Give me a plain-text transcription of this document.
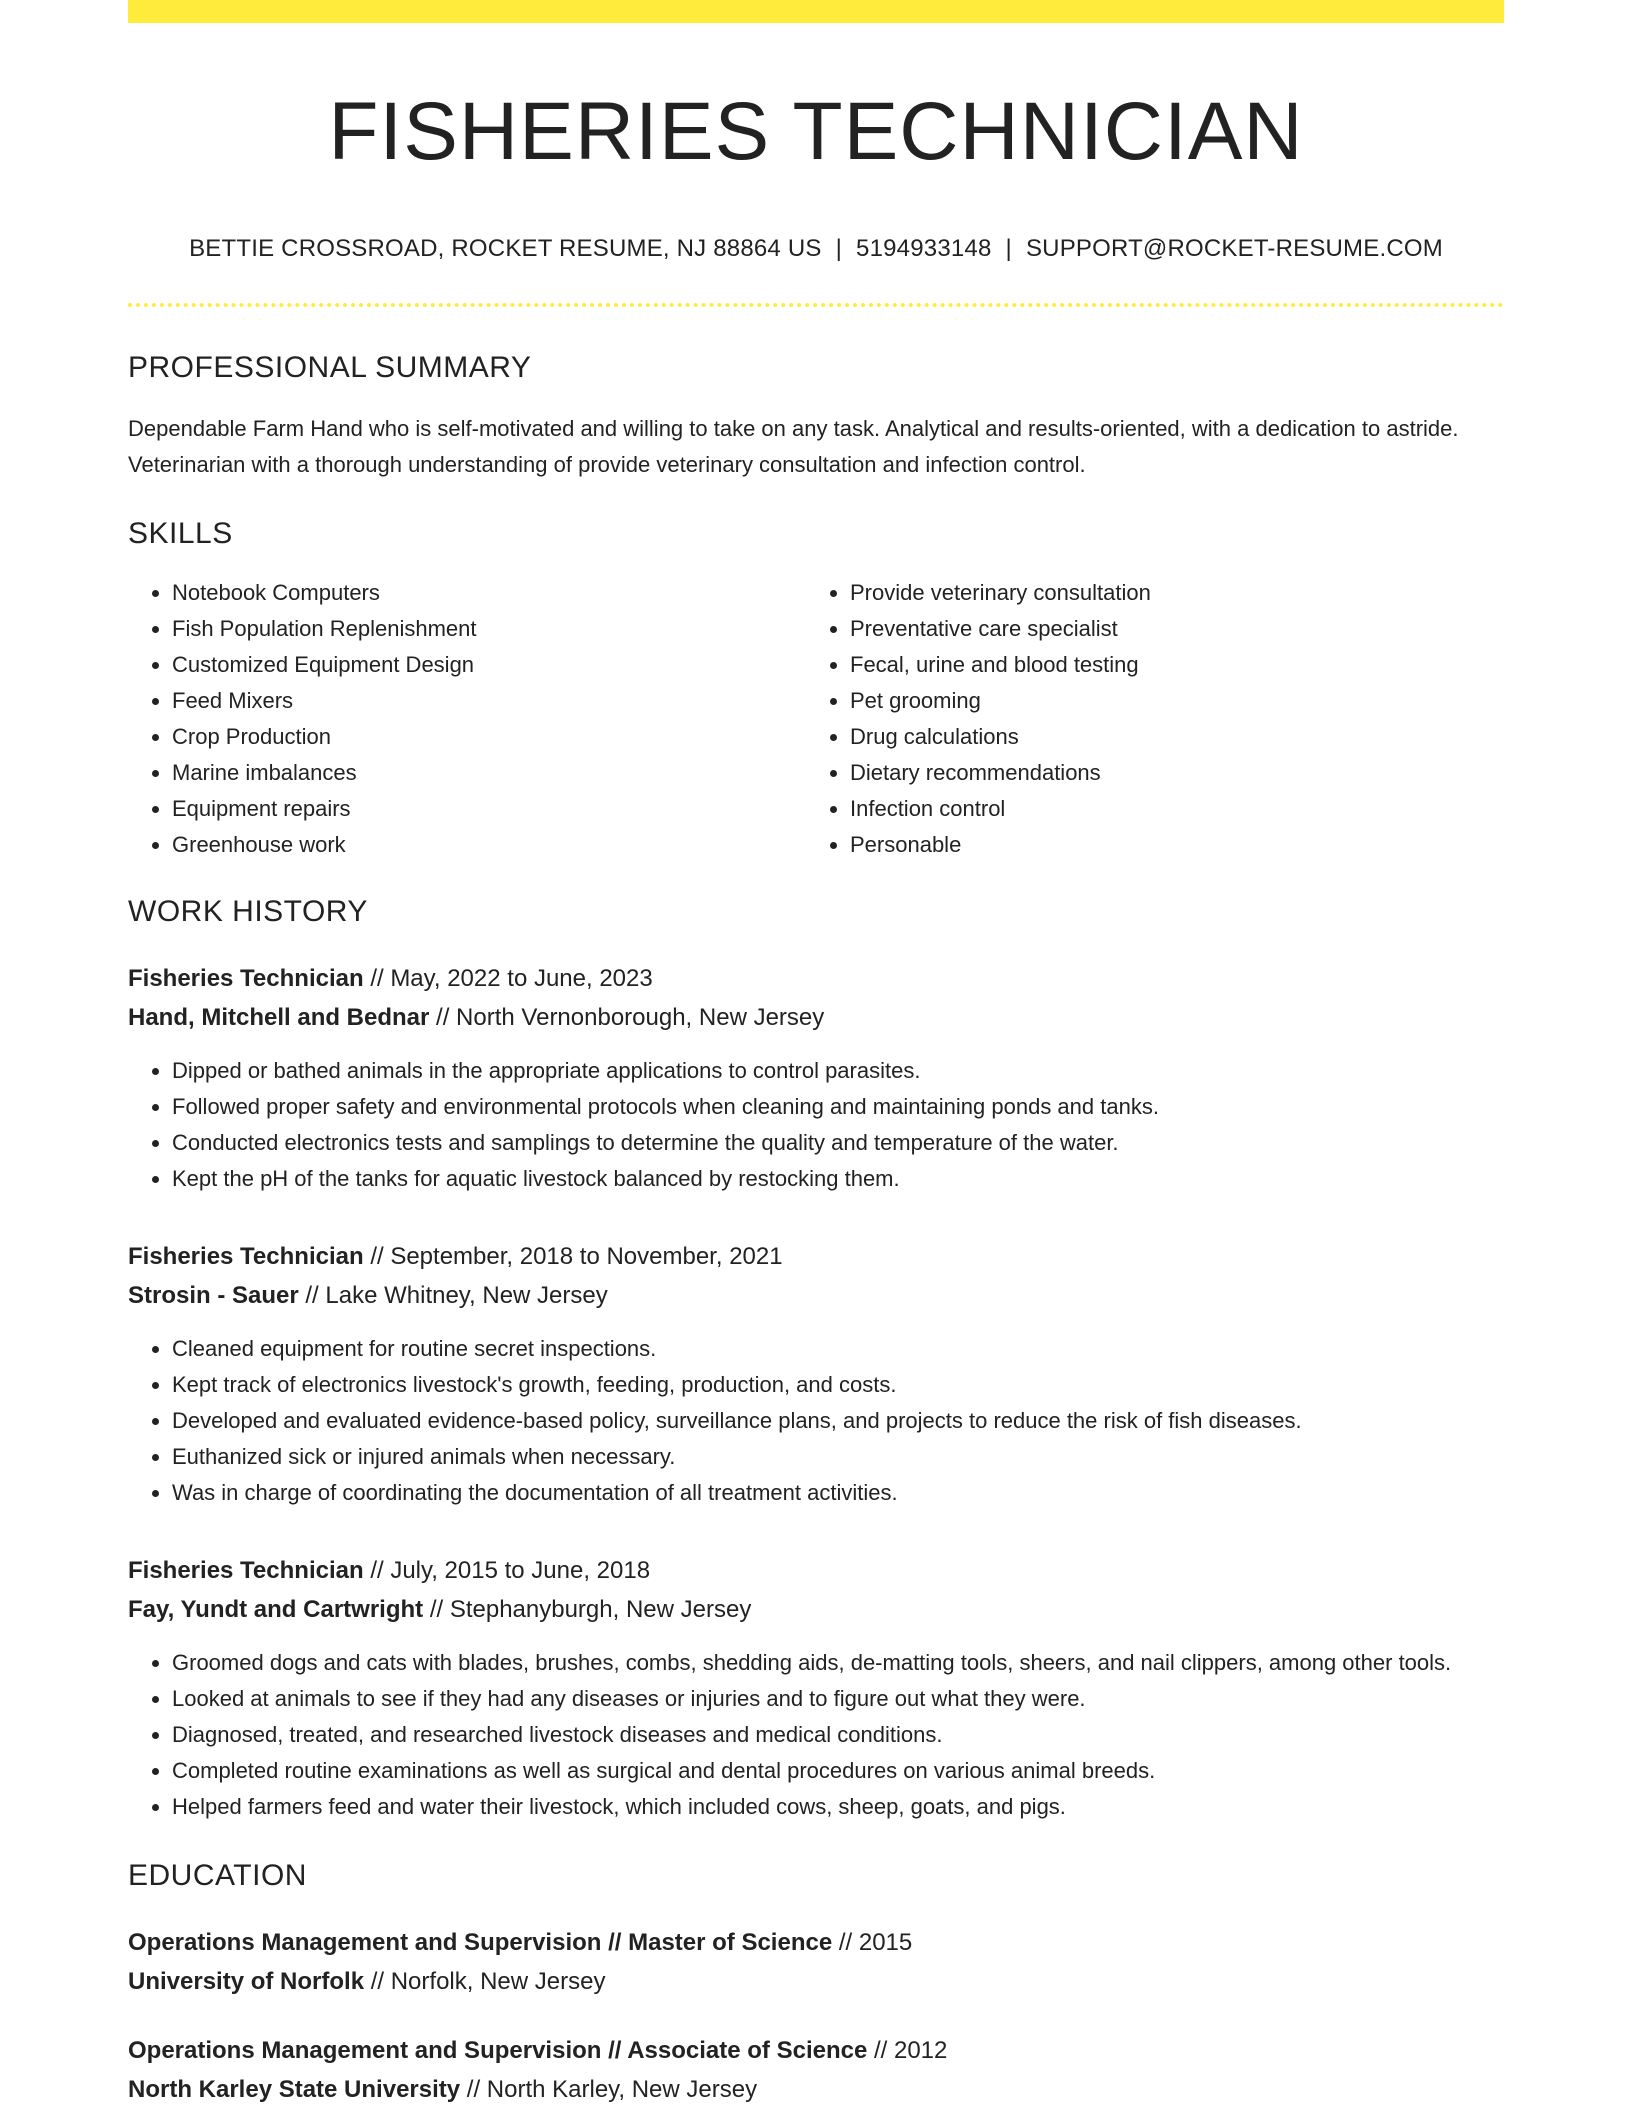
FISHERIES TECHNICIAN
BETTIE CROSSROAD, ROCKET RESUME, NJ 88864 US | 5194933148 | SUPPORT@ROCKET-RESUME.COM
PROFESSIONAL SUMMARY
Dependable Farm Hand who is self-motivated and willing to take on any task. Analytical and results-oriented, with a dedication to astride. Veterinarian with a thorough understanding of provide veterinary consultation and infection control.
SKILLS
• Notebook Computers
• Fish Population Replenishment
• Customized Equipment Design
• Feed Mixers
• Crop Production
• Marine imbalances
• Equipment repairs
• Greenhouse work
• Provide veterinary consultation
• Preventative care specialist
• Fecal, urine and blood testing
• Pet grooming
• Drug calculations
• Dietary recommendations
• Infection control
• Personable
WORK HISTORY
Fisheries Technician // May, 2022 to June, 2023
Hand, Mitchell and Bednar // North Vernonborough, New Jersey
• Dipped or bathed animals in the appropriate applications to control parasites.
• Followed proper safety and environmental protocols when cleaning and maintaining ponds and tanks.
• Conducted electronics tests and samplings to determine the quality and temperature of the water.
• Kept the pH of the tanks for aquatic livestock balanced by restocking them.
Fisheries Technician // September, 2018 to November, 2021
Strosin - Sauer // Lake Whitney, New Jersey
• Cleaned equipment for routine secret inspections.
• Kept track of electronics livestock's growth, feeding, production, and costs.
• Developed and evaluated evidence-based policy, surveillance plans, and projects to reduce the risk of fish diseases.
• Euthanized sick or injured animals when necessary.
• Was in charge of coordinating the documentation of all treatment activities.
Fisheries Technician // July, 2015 to June, 2018
Fay, Yundt and Cartwright // Stephanyburgh, New Jersey
• Groomed dogs and cats with blades, brushes, combs, shedding aids, de-matting tools, sheers, and nail clippers, among other tools.
• Looked at animals to see if they had any diseases or injuries and to figure out what they were.
• Diagnosed, treated, and researched livestock diseases and medical conditions.
• Completed routine examinations as well as surgical and dental procedures on various animal breeds.
• Helped farmers feed and water their livestock, which included cows, sheep, goats, and pigs.
EDUCATION
Operations Management and Supervision // Master of Science // 2015
University of Norfolk // Norfolk, New Jersey
Operations Management and Supervision // Associate of Science // 2012
North Karley State University // North Karley, New Jersey
